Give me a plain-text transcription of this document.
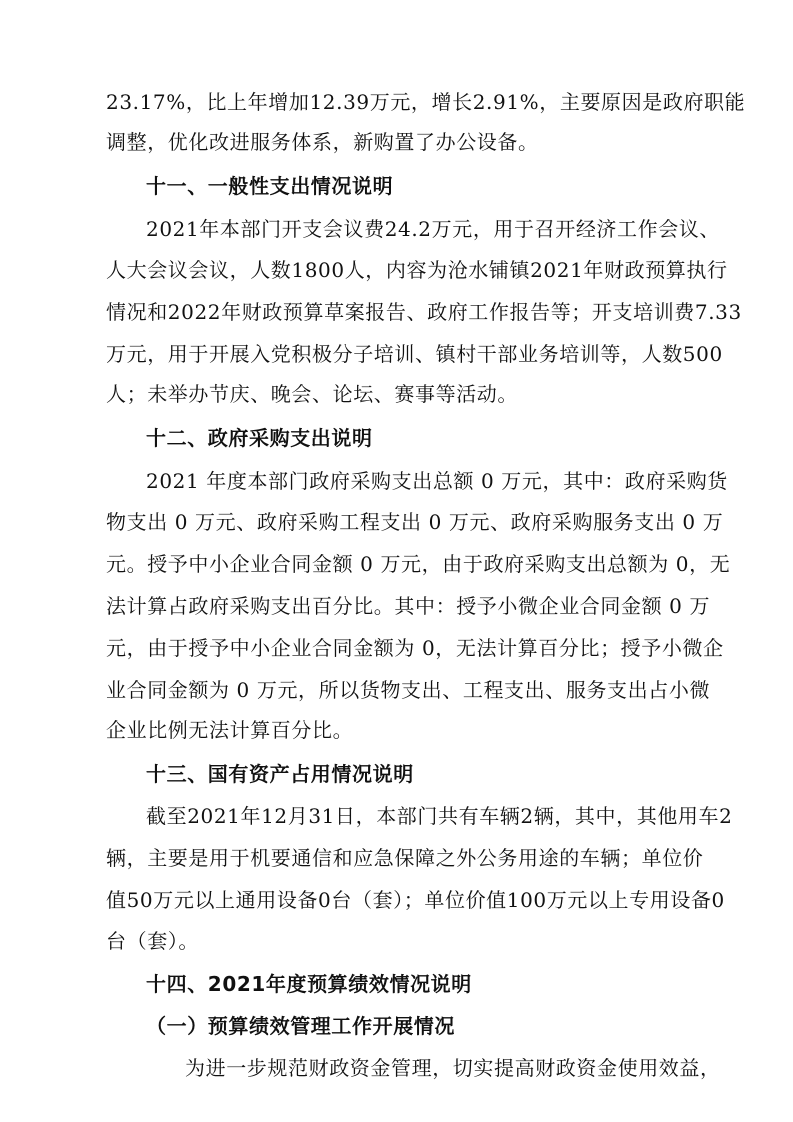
23.17%，比上年增加12.39万元，增长2.91%，主要原因是政府职能
调整，优化改进服务体系，新购置了办公设备。
十一、一般性支出情况说明
2021年本部门开支会议费24.2万元，用于召开经济工作会议、
人大会议会议，人数1800人，内容为沧水铺镇2021年财政预算执行
情况和2022年财政预算草案报告、政府工作报告等；开支培训费7.33
万元，用于开展入党积极分子培训、镇村干部业务培训等，人数500
人；未举办节庆、晚会、论坛、赛事等活动。
十二、政府采购支出说明
2021 年度本部门政府采购支出总额 0 万元，其中：政府采购货
物支出 0 万元、政府采购工程支出 0 万元、政府采购服务支出 0 万
元。授予中小企业合同金额 0 万元，由于政府采购支出总额为 0，无
法计算占政府采购支出百分比。其中：授予小微企业合同金额 0 万
元，由于授予中小企业合同金额为 0，无法计算百分比；授予小微企
业合同金额为 0 万元，所以货物支出、工程支出、服务支出占小微
企业比例无法计算百分比。
十三、国有资产占用情况说明
截至2021年12月31日，本部门共有车辆2辆，其中，其他用车2
辆，主要是用于机要通信和应急保障之外公务用途的车辆；单位价
值50万元以上通用设备0台（套）；单位价值100万元以上专用设备0
台（套）。
十四、2021年度预算绩效情况说明
（一）预算绩效管理工作开展情况
为进一步规范财政资金管理，切实提高财政资金使用效益，
